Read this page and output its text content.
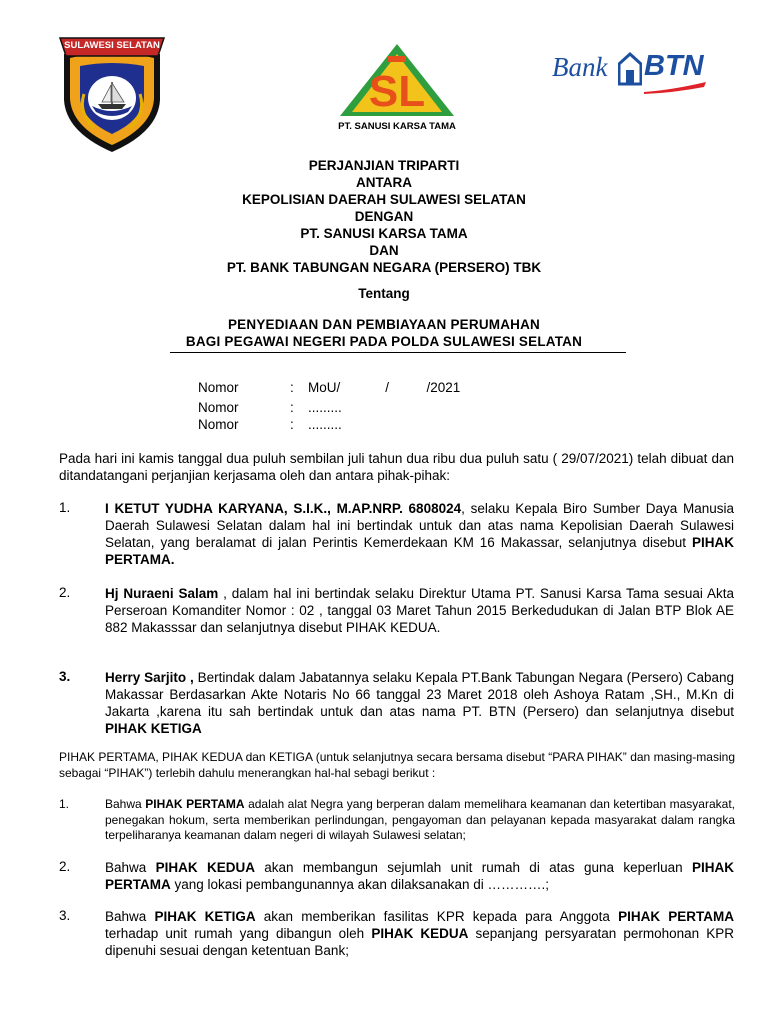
SULAWESI SELATAN
SL
PT. SANUSI KARSA TAMA
Bank BTN
PERJANJIAN TRIPARTI
ANTARA
KEPOLISIAN DAERAH SULAWESI SELATAN
DENGAN
PT. SANUSI KARSA TAMA
DAN
PT. BANK TABUNGAN NEGARA (PERSERO) TBK
Tentang
PENYEDIAAN DAN PEMBIAYAAN PERUMAHAN
BAGI PEGAWAI NEGERI PADA POLDA SULAWESI SELATAN
Nomor	: MoU/            /          /2021
Nomor	: .........
Nomor	: .........
Pada hari ini kamis tanggal dua puluh sembilan juli tahun dua ribu dua puluh satu ( 29/07/2021) telah dibuat dan ditandatangani perjanjian kerjasama oleh dan antara pihak-pihak:
1.	I KETUT YUDHA KARYANA, S.I.K., M.AP.NRP. 6808024, selaku Kepala Biro Sumber Daya Manusia Daerah Sulawesi Selatan dalam hal ini bertindak untuk dan atas nama Kepolisian Daerah Sulawesi Selatan, yang beralamat di jalan Perintis Kemerdekaan KM 16 Makassar, selanjutnya disebut PIHAK PERTAMA.
2.	Hj Nuraeni Salam , dalam hal ini bertindak selaku Direktur Utama PT. Sanusi Karsa Tama sesuai Akta Perseroan Komanditer Nomor : 02 , tanggal 03 Maret Tahun 2015 Berkedudukan di Jalan BTP Blok AE 882 Makasssar dan selanjutnya disebut PIHAK KEDUA.
3.	Herry Sarjito , Bertindak dalam Jabatannya selaku Kepala PT.Bank Tabungan Negara (Persero) Cabang Makassar Berdasarkan Akte Notaris No 66 tanggal 23 Maret 2018 oleh Ashoya Ratam ,SH., M.Kn di Jakarta ,karena itu sah bertindak untuk dan atas nama PT. BTN (Persero) dan selanjutnya disebut PIHAK KETIGA
PIHAK PERTAMA, PIHAK KEDUA dan KETIGA (untuk selanjutnya secara bersama disebut “PARA PIHAK” dan masing-masing sebagai “PIHAK”) terlebih dahulu menerangkan hal-hal sebagi berikut :
1.	Bahwa PIHAK PERTAMA adalah alat Negra yang berperan dalam memelihara keamanan dan ketertiban masyarakat, penegakan hokum, serta memberikan perlindungan, pengayoman dan pelayanan kepada masyarakat dalam rangka terpeliharanya keamanan dalam negeri di wilayah Sulawesi selatan;
2.	Bahwa PIHAK KEDUA akan membangun sejumlah unit rumah di atas guna keperluan PIHAK PERTAMA yang lokasi pembangunannya akan dilaksanakan di ………….;
3.	Bahwa PIHAK KETIGA akan memberikan fasilitas KPR kepada para Anggota PIHAK PERTAMA terhadap unit rumah yang dibangun oleh PIHAK KEDUA sepanjang persyaratan permohonan KPR dipenuhi sesuai dengan ketentuan Bank;
